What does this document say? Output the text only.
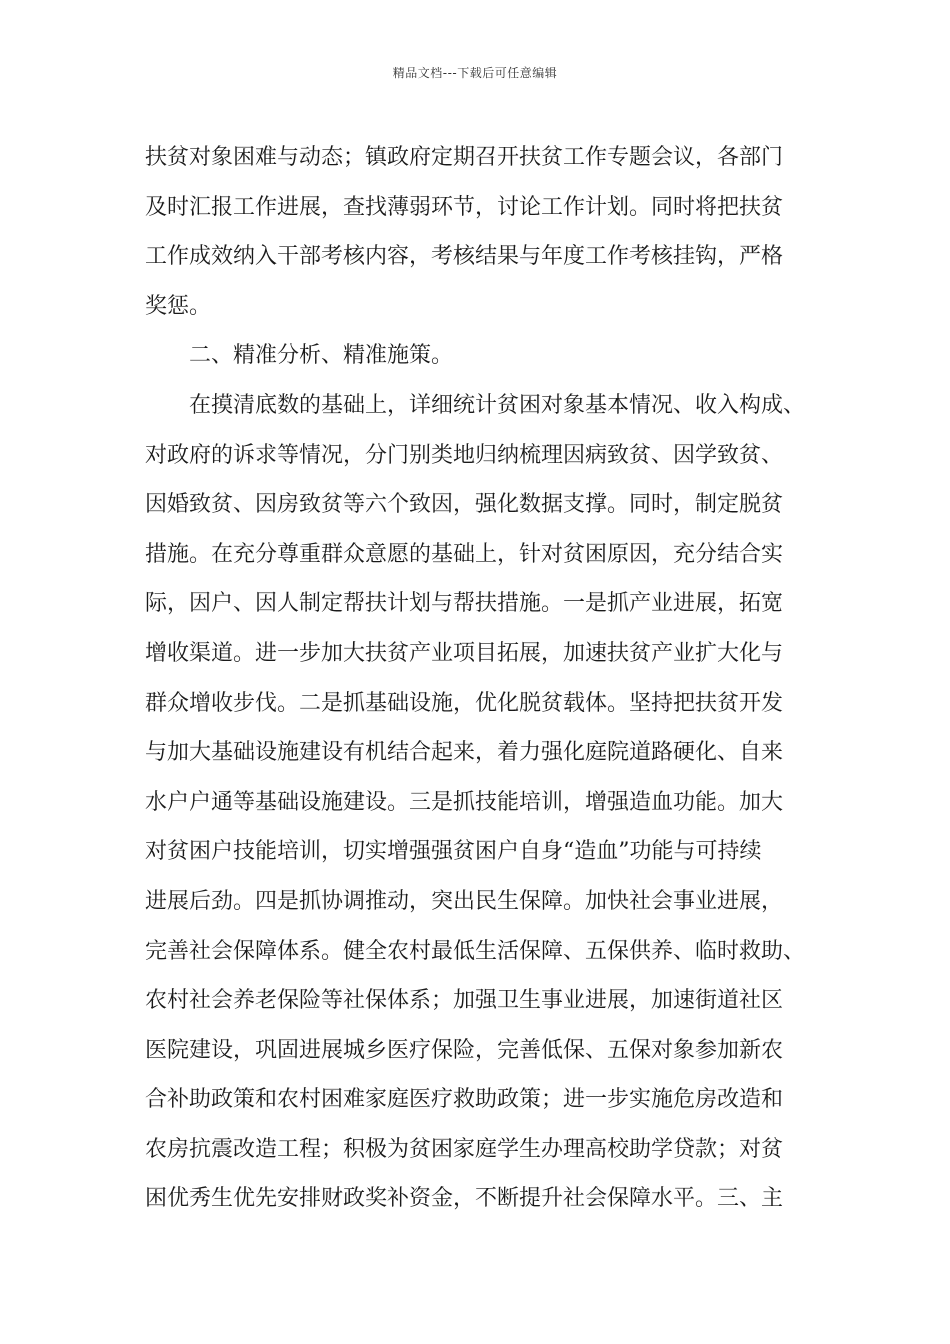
精品文档---下载后可任意编辑
扶贫对象困难与动态；镇政府定期召开扶贫工作专题会议，各部门
及时汇报工作进展，查找薄弱环节，讨论工作计划。同时将把扶贫
工作成效纳入干部考核内容，考核结果与年度工作考核挂钩，严格
奖惩。
二、精准分析、精准施策。
在摸清底数的基础上，详细统计贫困对象基本情况、收入构成、
对政府的诉求等情况，分门别类地归纳梳理因病致贫、因学致贫、
因婚致贫、因房致贫等六个致因，强化数据支撑。同时，制定脱贫
措施。在充分尊重群众意愿的基础上，针对贫困原因，充分结合实
际，因户、因人制定帮扶计划与帮扶措施。一是抓产业进展，拓宽
增收渠道。进一步加大扶贫产业项目拓展，加速扶贫产业扩大化与
群众增收步伐。二是抓基础设施，优化脱贫载体。坚持把扶贫开发
与加大基础设施建设有机结合起来，着力强化庭院道路硬化、自来
水户户通等基础设施建设。三是抓技能培训，增强造血功能。加大
对贫困户技能培训，切实增强强贫困户自身“造血”功能与可持续
进展后劲。四是抓协调推动，突出民生保障。加快社会事业进展，
完善社会保障体系。健全农村最低生活保障、五保供养、临时救助、
农村社会养老保险等社保体系；加强卫生事业进展，加速街道社区
医院建设，巩固进展城乡医疗保险，完善低保、五保对象参加新农
合补助政策和农村困难家庭医疗救助政策；进一步实施危房改造和
农房抗震改造工程；积极为贫困家庭学生办理高校助学贷款；对贫
困优秀生优先安排财政奖补资金，不断提升社会保障水平。三、主
